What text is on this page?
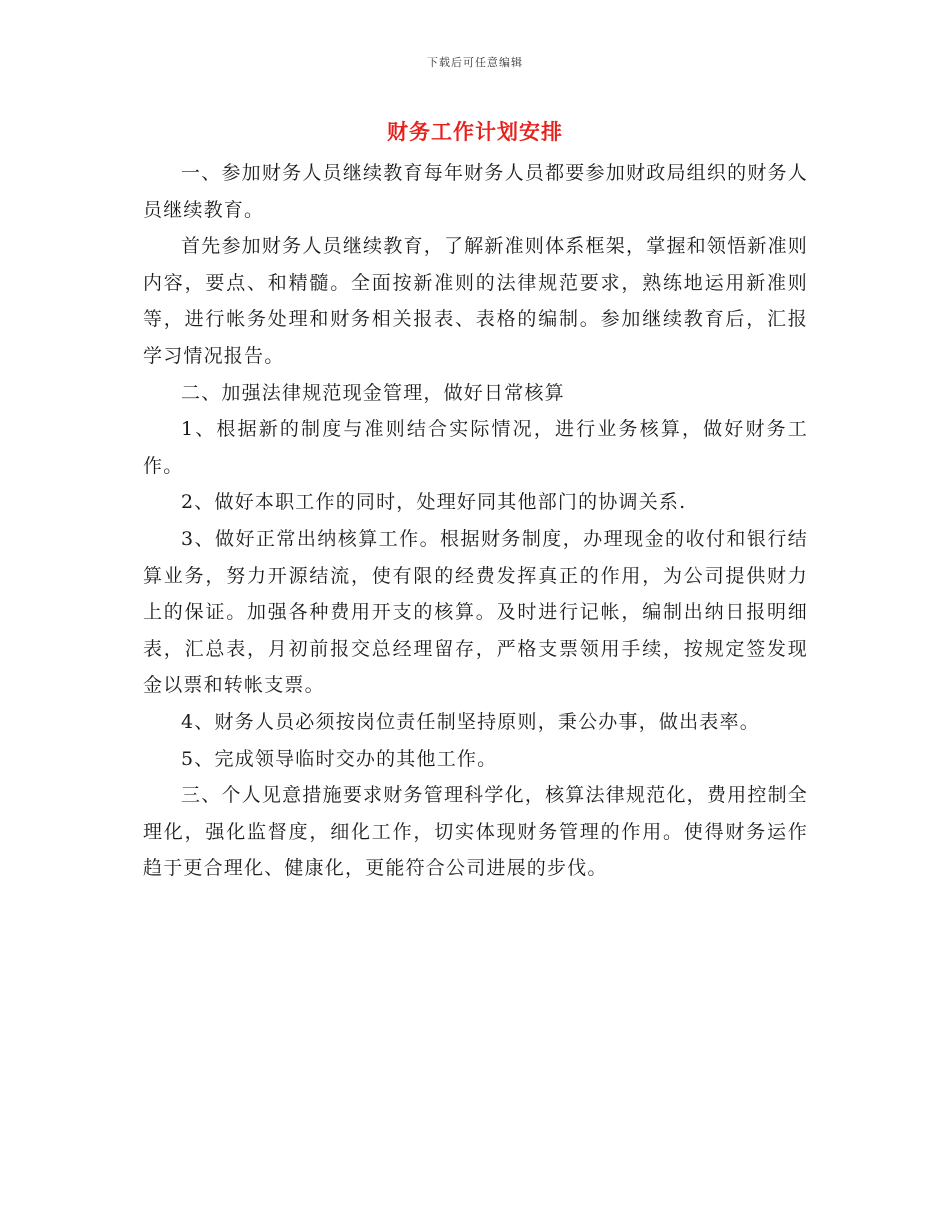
下载后可任意编辑
财务工作计划安排

一、参加财务人员继续教育每年财务人员都要参加财政局组织的财务人员继续教育。

首先参加财务人员继续教育，了解新准则体系框架，掌握和领悟新准则内容，要点、和精髓。全面按新准则的法律规范要求，熟练地运用新准则等，进行帐务处理和财务相关报表、表格的编制。参加继续教育后，汇报学习情况报告。

二、加强法律规范现金管理，做好日常核算

1、根据新的制度与准则结合实际情况，进行业务核算，做好财务工作。

2、做好本职工作的同时，处理好同其他部门的协调关系.

3、做好正常出纳核算工作。根据财务制度，办理现金的收付和银行结算业务，努力开源结流，使有限的经费发挥真正的作用，为公司提供财力上的保证。加强各种费用开支的核算。及时进行记帐，编制出纳日报明细表，汇总表，月初前报交总经理留存，严格支票领用手续，按规定签发现金以票和转帐支票。

4、财务人员必须按岗位责任制坚持原则，秉公办事，做出表率。

5、完成领导临时交办的其他工作。

三、个人见意措施要求财务管理科学化，核算法律规范化，费用控制全理化，强化监督度，细化工作，切实体现财务管理的作用。使得财务运作趋于更合理化、健康化，更能符合公司进展的步伐。
